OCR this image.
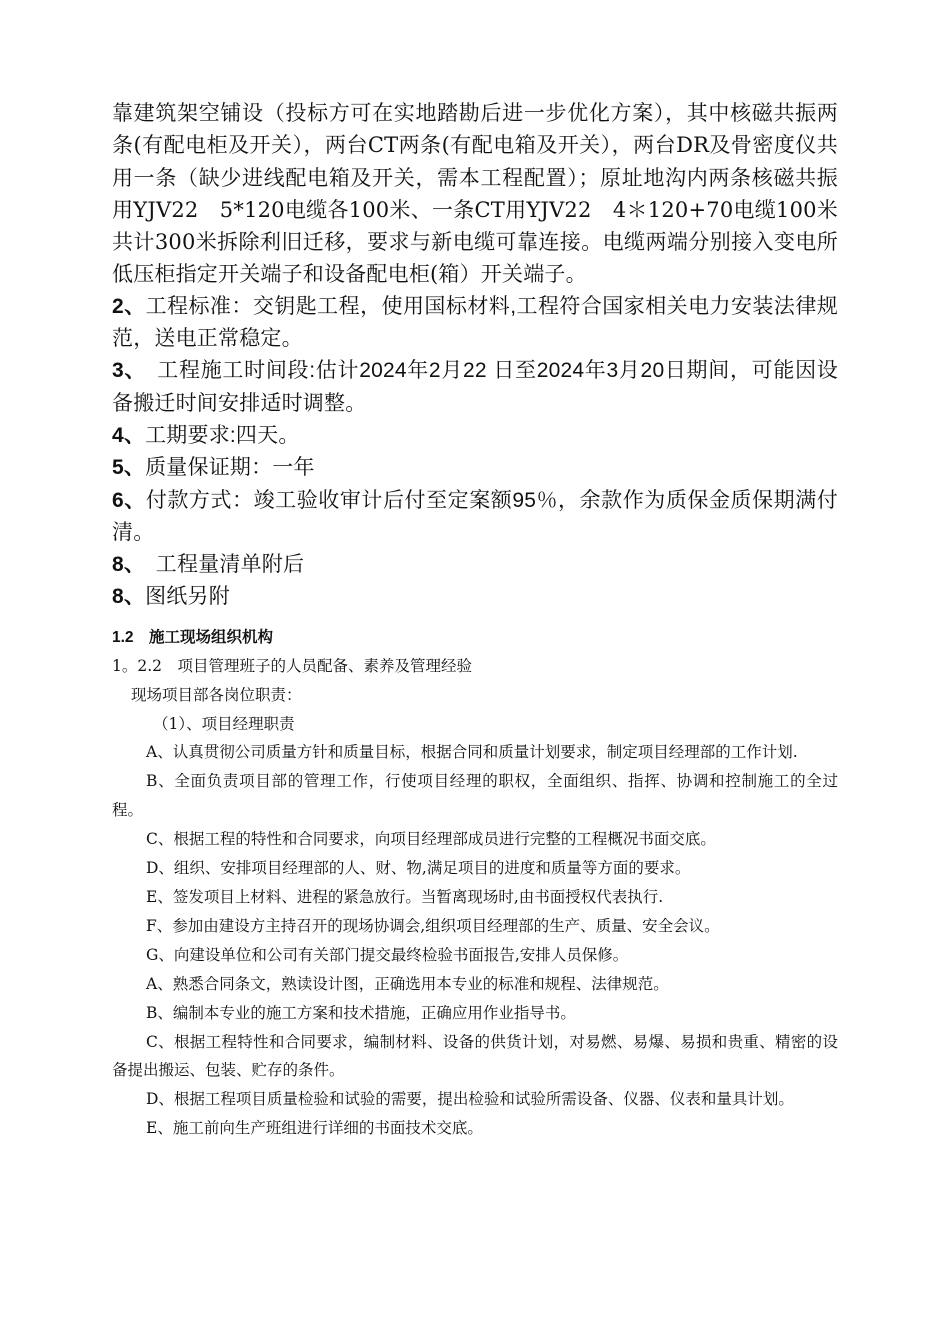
靠建筑架空铺设（投标方可在实地踏勘后进一步优化方案），其中核磁共振两条(有配电柜及开关），两台CT两条(有配电箱及开关），两台DR及骨密度仪共用一条（缺少进线配电箱及开关，需本工程配置）；原址地沟内两条核磁共振用YJV22　5*120电缆各100米、一条CT用YJV22　4＊120+70电缆100米共计300米拆除利旧迁移，要求与新电缆可靠连接。电缆两端分别接入变电所低压柜指定开关端子和设备配电柜(箱）开关端子。

2、工程标准：交钥匙工程，使用国标材料,工程符合国家相关电力安装法律规范，送电正常稳定。

3、　工程施工时间段:估计2024年2月22 日至2024年3月20日期间，可能因设备搬迁时间安排适时调整。

4、工期要求:四天。

5、质量保证期：一年

6、付款方式：竣工验收审计后付至定案额95％，余款作为质保金质保期满付清。

8、　工程量清单附后

8、图纸另附

1.2　施工现场组织机构

1。2.2　项目管理班子的人员配备、素养及管理经验

现场项目部各岗位职责：

（1）、项目经理职责

A、认真贯彻公司质量方针和质量目标，根据合同和质量计划要求，制定项目经理部的工作计划.

B、全面负责项目部的管理工作，行使项目经理的职权，全面组织、指挥、协调和控制施工的全过程。

C、根据工程的特性和合同要求，向项目经理部成员进行完整的工程概况书面交底。

D、组织、安排项目经理部的人、财、物,满足项目的进度和质量等方面的要求。

E、签发项目上材料、进程的紧急放行。当暂离现场时,由书面授权代表执行.

F、参加由建设方主持召开的现场协调会,组织项目经理部的生产、质量、安全会议。

G、向建设单位和公司有关部门提交最终检验书面报告,安排人员保修。

A、熟悉合同条文，熟读设计图，正确选用本专业的标准和规程、法律规范。

B、编制本专业的施工方案和技术措施，正确应用作业指导书。

C、根据工程特性和合同要求，编制材料、设备的供货计划，对易燃、易爆、易损和贵重、精密的设备提出搬运、包装、贮存的条件。

D、根据工程项目质量检验和试验的需要，提出检验和试验所需设备、仪器、仪表和量具计划。

E、施工前向生产班组进行详细的书面技术交底。
